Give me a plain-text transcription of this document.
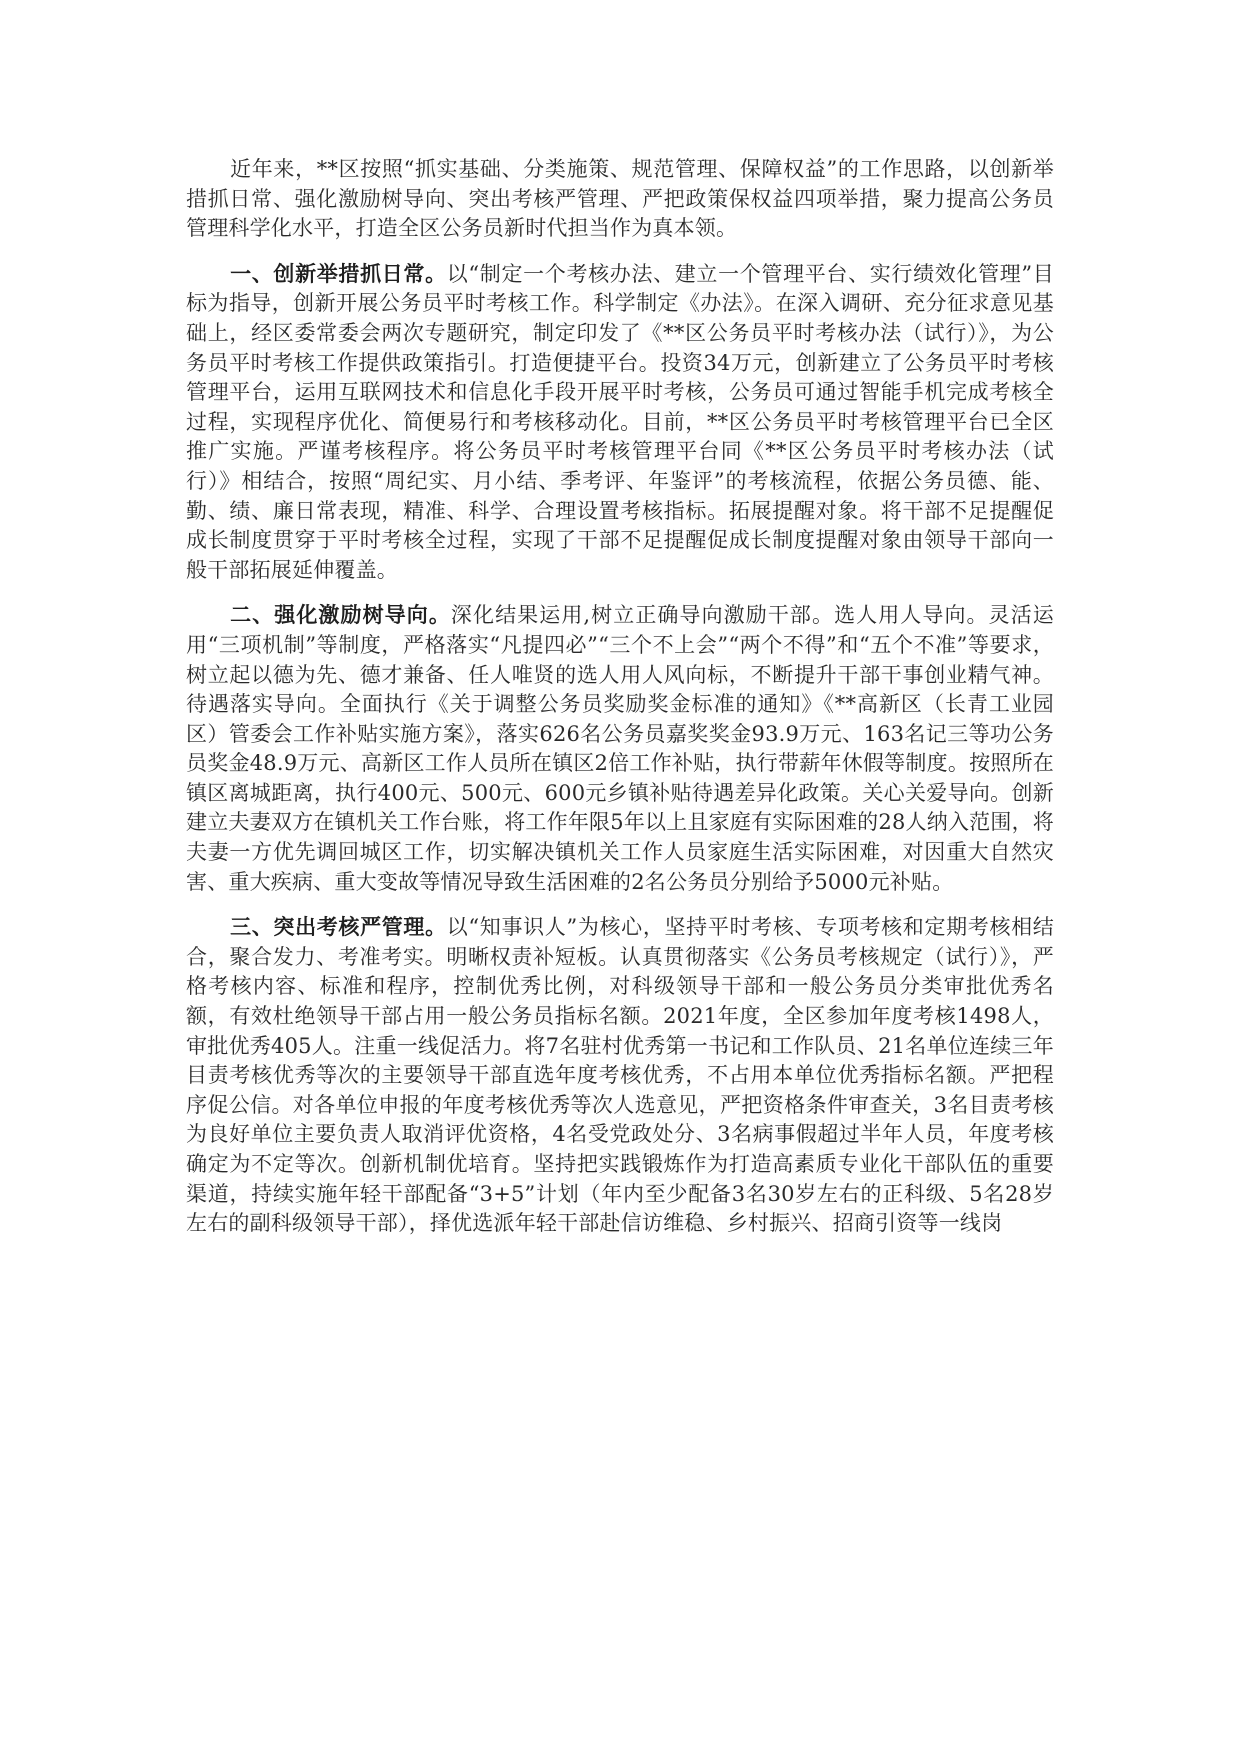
近年来，**区按照“抓实基础、分类施策、规范管理、保障权益”的工作思路，以创新举措抓日常、强化激励树导向、突出考核严管理、严把政策保权益四项举措，聚力提高公务员管理科学化水平，打造全区公务员新时代担当作为真本领。

一、创新举措抓日常。以“制定一个考核办法、建立一个管理平台、实行绩效化管理”目标为指导，创新开展公务员平时考核工作。科学制定《办法》。在深入调研、充分征求意见基础上，经区委常委会两次专题研究，制定印发了《**区公务员平时考核办法（试行）》，为公务员平时考核工作提供政策指引。打造便捷平台。投资34万元，创新建立了公务员平时考核管理平台，运用互联网技术和信息化手段开展平时考核，公务员可通过智能手机完成考核全过程，实现程序优化、简便易行和考核移动化。目前，**区公务员平时考核管理平台已全区推广实施。严谨考核程序。将公务员平时考核管理平台同《**区公务员平时考核办法（试行）》相结合，按照“周纪实、月小结、季考评、年鉴评”的考核流程，依据公务员德、能、勤、绩、廉日常表现，精准、科学、合理设置考核指标。拓展提醒对象。将干部不足提醒促成长制度贯穿于平时考核全过程，实现了干部不足提醒促成长制度提醒对象由领导干部向一般干部拓展延伸覆盖。

二、强化激励树导向。深化结果运用,树立正确导向激励干部。选人用人导向。灵活运用“三项机制”等制度，严格落实“凡提四必”“三个不上会”“两个不得”和“五个不准”等要求，树立起以德为先、德才兼备、任人唯贤的选人用人风向标，不断提升干部干事创业精气神。待遇落实导向。全面执行《关于调整公务员奖励奖金标准的通知》《**高新区（长青工业园区）管委会工作补贴实施方案》，落实626名公务员嘉奖奖金93.9万元、163名记三等功公务员奖金48.9万元、高新区工作人员所在镇区2倍工作补贴，执行带薪年休假等制度。按照所在镇区离城距离，执行400元、500元、600元乡镇补贴待遇差异化政策。关心关爱导向。创新建立夫妻双方在镇机关工作台账，将工作年限5年以上且家庭有实际困难的28人纳入范围，将夫妻一方优先调回城区工作，切实解决镇机关工作人员家庭生活实际困难，对因重大自然灾害、重大疾病、重大变故等情况导致生活困难的2名公务员分别给予5000元补贴。

三、突出考核严管理。以“知事识人”为核心，坚持平时考核、专项考核和定期考核相结合，聚合发力、考准考实。明晰权责补短板。认真贯彻落实《公务员考核规定（试行）》，严格考核内容、标准和程序，控制优秀比例，对科级领导干部和一般公务员分类审批优秀名额，有效杜绝领导干部占用一般公务员指标名额。2021年度，全区参加年度考核1498人，审批优秀405人。注重一线促活力。将7名驻村优秀第一书记和工作队员、21名单位连续三年目责考核优秀等次的主要领导干部直选年度考核优秀，不占用本单位优秀指标名额。严把程序促公信。对各单位申报的年度考核优秀等次人选意见，严把资格条件审查关，3名目责考核为良好单位主要负责人取消评优资格，4名受党政处分、3名病事假超过半年人员，年度考核确定为不定等次。创新机制优培育。坚持把实践锻炼作为打造高素质专业化干部队伍的重要渠道，持续实施年轻干部配备“3+5”计划（年内至少配备3名30岁左右的正科级、5名28岁左右的副科级领导干部），择优选派年轻干部赴信访维稳、乡村振兴、招商引资等一线岗
